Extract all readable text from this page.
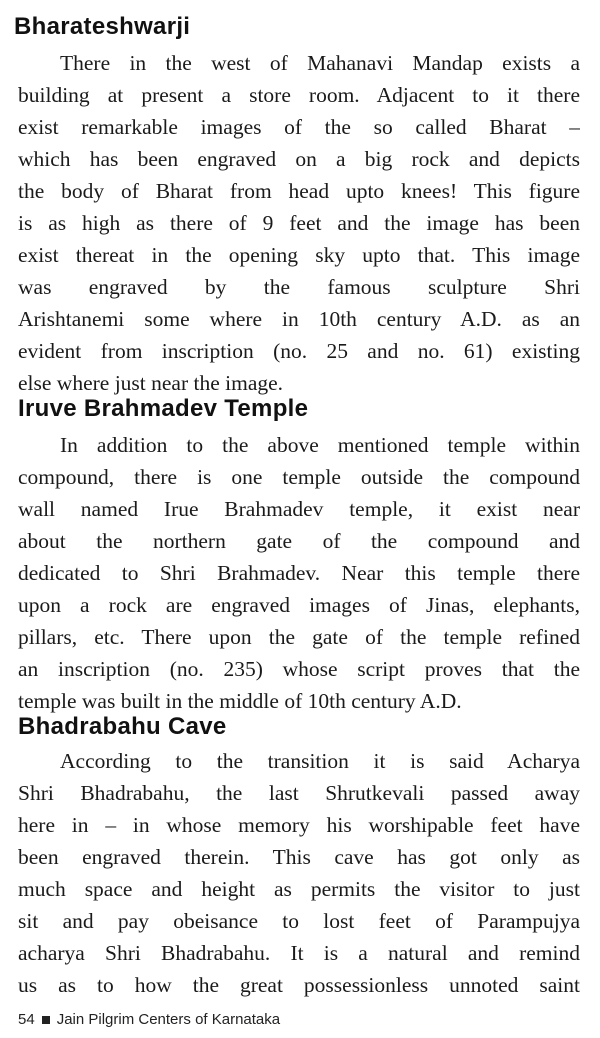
Bharateshwarji
There in the west of Mahanavi Mandap exists a
building at present a store room. Adjacent to it there
exist remarkable images of the so called Bharat –
which has been engraved on a big rock and depicts
the body of Bharat from head upto knees! This figure
is as high as there of 9 feet and the image has been
exist thereat in the opening sky upto that. This image
was engraved by the famous sculpture Shri
Arishtanemi some where in 10th century A.D. as an
evident from inscription (no. 25 and no. 61) existing
else where just near the image.
Iruve Brahmadev Temple
In addition to the above mentioned temple within
compound, there is one temple outside the compound
wall named Irue Brahmadev temple, it exist near
about the northern gate of the compound and
dedicated to Shri Brahmadev. Near this temple there
upon a rock are engraved images of Jinas, elephants,
pillars, etc. There upon the gate of the temple refined
an inscription (no. 235) whose script proves that the
temple was built in the middle of 10th century A.D.
Bhadrabahu Cave
According to the transition it is said Acharya
Shri Bhadrabahu, the last Shrutkevali passed away
here in – in whose memory his worshipable feet have
been engraved therein. This cave has got only as
much space and height as permits the visitor to just
sit and pay obeisance to lost feet of Parampujya
acharya Shri Bhadrabahu. It is a natural and remind
us as to how the great possessionless unnoted saint
54 Jain Pilgrim Centers of Karnataka
